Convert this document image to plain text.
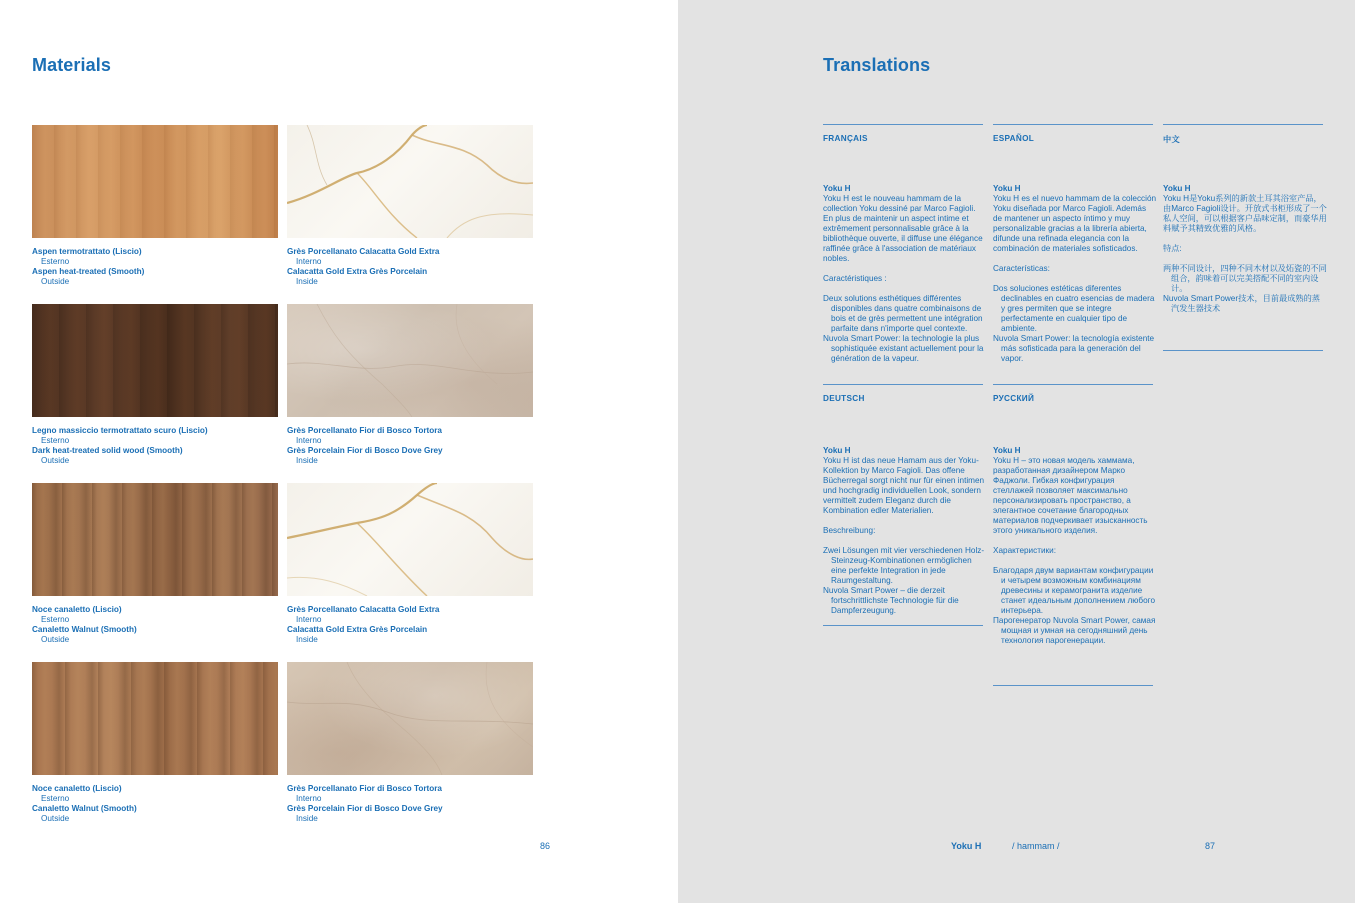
Materials
Aspen termotrattato (Liscio)
Esterno
Aspen heat-treated (Smooth)
Outside
Grès Porcellanato Calacatta Gold Extra
Interno
Calacatta Gold Extra Grès Porcelain
Inside
Legno massiccio termotrattato scuro (Liscio)
Esterno
Dark heat-treated solid wood (Smooth)
Outside
Grès Porcellanato Fior di Bosco Tortora
Interno
Grès Porcelain Fior di Bosco Dove Grey
Inside
Noce canaletto (Liscio)
Esterno
Canaletto Walnut (Smooth)
Outside
Grès Porcellanato Calacatta Gold Extra
Interno
Calacatta Gold Extra Grès Porcelain
Inside
Noce canaletto (Liscio)
Esterno
Canaletto Walnut (Smooth)
Outside
Grès Porcellanato Fior di Bosco Tortora
Interno
Grès Porcelain Fior di Bosco Dove Grey
Inside
86
Translations
FRANÇAIS	ESPAÑOL	中文
Yoku H

Yoku H est le nouveau hammam de la collection Yoku dessiné par Marco Fagioli. En plus de maintenir un aspect intime et extrêmement personnalisable grâce à la bibliothèque ouverte, il diffuse une élégance raffinée grâce à l'association de matériaux nobles.

Caractéristiques :

Deux solutions esthétiques différentes disponibles dans quatre combinaisons de bois et de grès permettent une intégration parfaite dans n'importe quel contexte.

Nuvola Smart Power: la technologie la plus sophistiquée existant actuellement pour la génération de la vapeur.

Yoku H

Yoku H es el nuevo hammam de la colección Yoku diseñada por Marco Fagioli. Además de mantener un aspecto íntimo y muy personalizable gracias a la librería abierta, difunde una refinada elegancia con la combinación de materiales sofisticados.

Características:

Dos soluciones estéticas diferentes declinables en cuatro esencias de madera y gres permiten que se integre perfectamente en cualquier tipo de ambiente.

Nuvola Smart Power: la tecnología existente más sofisticada para la generación del vapor.

Yoku H

Yoku H是Yoku系列的新款土耳其浴室产品，由Marco Fagioli设计。开放式书柜形成了一个私人空间，可以根据客户品味定制，而豪华用料赋予其精致优雅的风格。

特点:

两种不同设计，四种不同木材以及炻瓷的不同组合，韵味着可以完美搭配不同的室内设计。

Nuvola Smart Power技术，目前最成熟的蒸汽发生器技术

DEUTSCH	РУССКИЙ
Yoku H

Yoku H ist das neue Hamam aus der Yoku-Kollektion by Marco Fagioli. Das offene Bücherregal sorgt nicht nur für einen intimen und hochgradig individuellen Look, sondern vermittelt zudem Eleganz durch die Kombination edler Materialien.

Beschreibung:

Zwei Lösungen mit vier verschiedenen Holz-Steinzeug-Kombinationen ermöglichen eine perfekte Integration in jede Raumgestaltung.

Nuvola Smart Power – die derzeit fortschrittlichste Technologie für die Dampferzeugung.

Yoku H

Yoku H – это новая модель хаммама, разработанная дизайнером Марко Фаджоли. Гибкая конфигурация стеллажей позволяет максимально персонализировать пространство, а элегантное сочетание благородных материалов подчеркивает изысканность этого уникального изделия.

Характеристики:

Благодаря двум вариантам конфигурации и четырем возможным комбинациям древесины и керамогранита изделие станет идеальным дополнением любого интерьера.

Парогенератор Nuvola Smart Power, самая мощная и умная на сегодняшний день технология парогенерации.

Yoku H	/ hammam /	87
